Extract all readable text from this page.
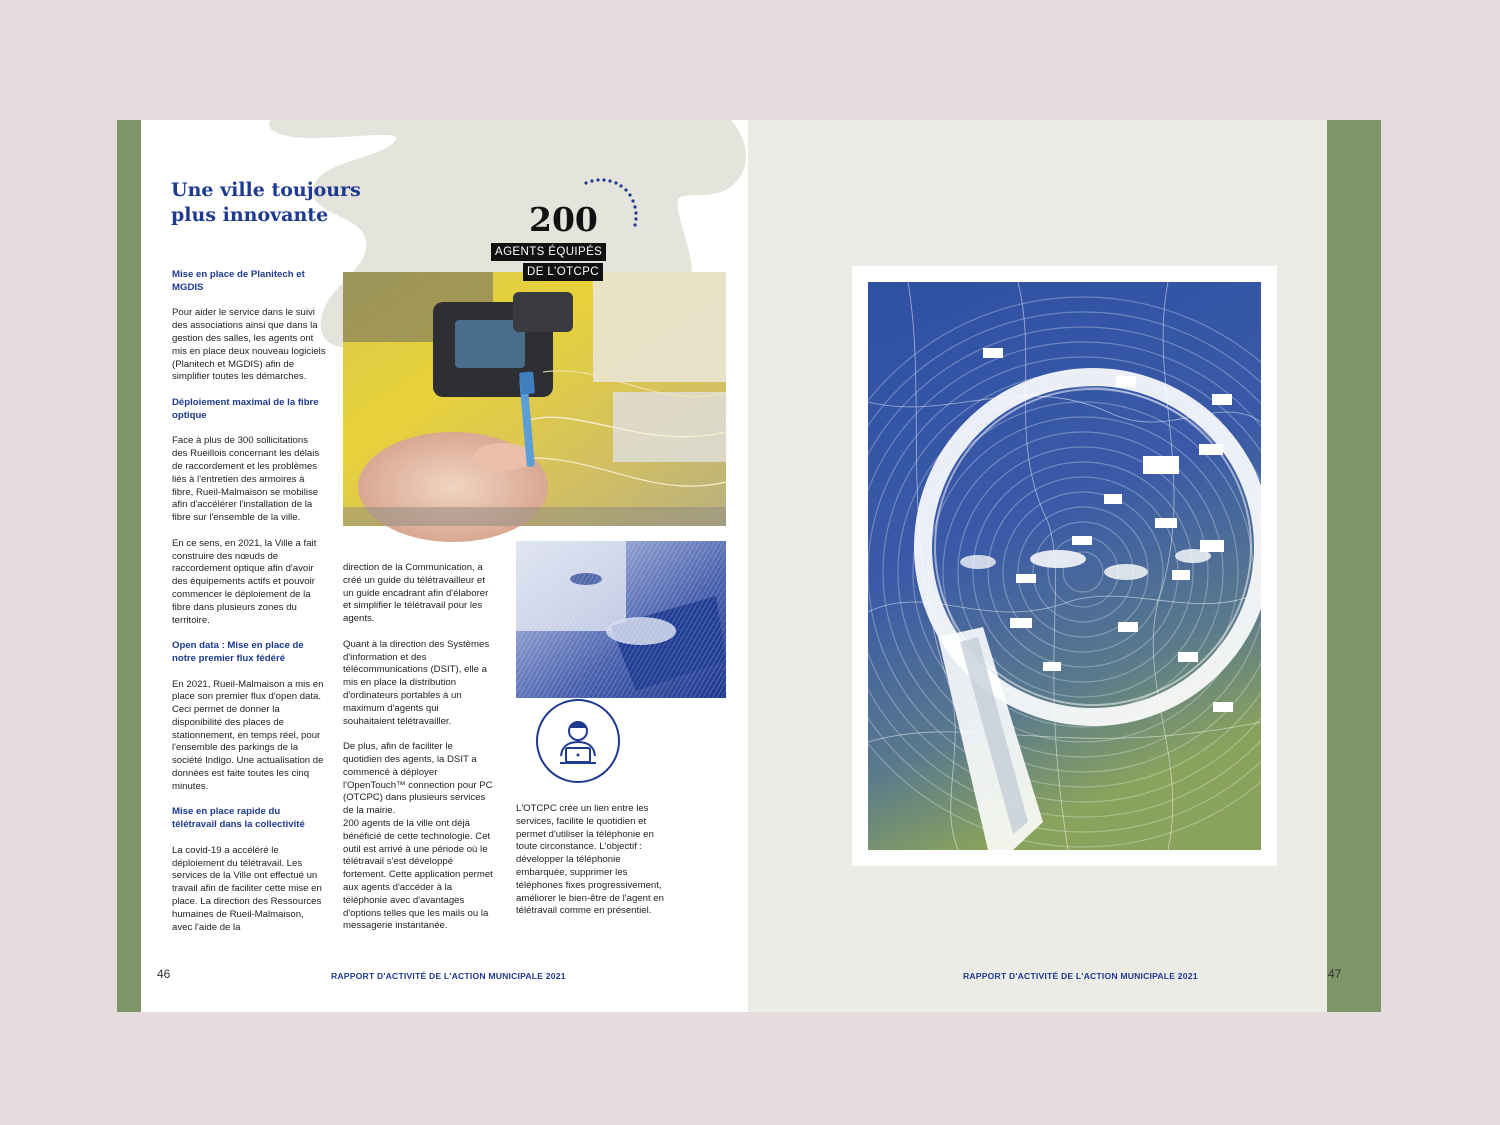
Une ville toujours plus innovante	200
AGENTS ÉQUIPÉS
DE L'OTCPC
Mise en place de Planitech et MGDIS

Pour aider le service dans le suivi des associations ainsi que dans la gestion des salles, les agents ont mis en place deux nouveau logiciels (Planitech et MGDIS) afin de simplifier toutes les démarches.

Déploiement maximal de la fibre optique

Face à plus de 300 sollicitations des Rueillois concernant les délais de raccordement et les problèmes liés à l'entretien des armoires à fibre, Rueil-Malmaison se mobilise afin d'accélérer l'installation de la fibre sur l'ensemble de la ville.

En ce sens, en 2021, la Ville a fait construire des nœuds de raccordement optique afin d'avoir des équipements actifs et pouvoir commencer le déploiement de la fibre dans plusieurs zones du territoire.

Open data : Mise en place de notre premier flux fédéré

En 2021, Rueil-Malmaison a mis en place son premier flux d'open data. Ceci permet de donner la disponibilité des places de stationnement, en temps réel, pour l'ensemble des parkings de la société Indigo. Une actualisation de données est faite toutes les cinq minutes.

Mise en place rapide du télétravail dans la collectivité

La covid-19 a accéléré le déploiement du télétravail. Les services de la Ville ont effectué un travail afin de faciliter cette mise en place. La direction des Ressources humaines de Rueil-Malmaison, avec l'aide de la

direction de la Communication, a créé un guide du télétravailleur et un guide encadrant afin d'élaborer et simplifier le télétravail pour les agents.

Quant à la direction des Systèmes d'information et des télécommunications (DSIT), elle a mis en place la distribution d'ordinateurs portables à un maximum d'agents qui souhaitaient télétravailler.

De plus, afin de faciliter le quotidien des agents, la DSIT a commencé à déployer l'OpenTouch™ connection pour PC (OTCPC) dans plusieurs services de la mairie.

200 agents de la ville ont déjà bénéficié de cette technologie. Cet outil est arrivé à une période où le télétravail s'est développé fortement. Cette application permet aux agents d'accéder à la téléphonie avec d'avantages d'options telles que les mails ou la messagerie instantanée.

L'OTCPC crée un lien entre les services, facilite le quotidien et permet d'utiliser la téléphonie en toute circonstance. L'objectif : développer la téléphonie embarquée, supprimer les téléphones fixes progressivement, améliorer le bien-être de l'agent en télétravail comme en présentiel.

46	RAPPORT D'ACTIVITÉ DE L'ACTION MUNICIPALE 2021	RAPPORT D'ACTIVITÉ DE L'ACTION MUNICIPALE 2021	47
